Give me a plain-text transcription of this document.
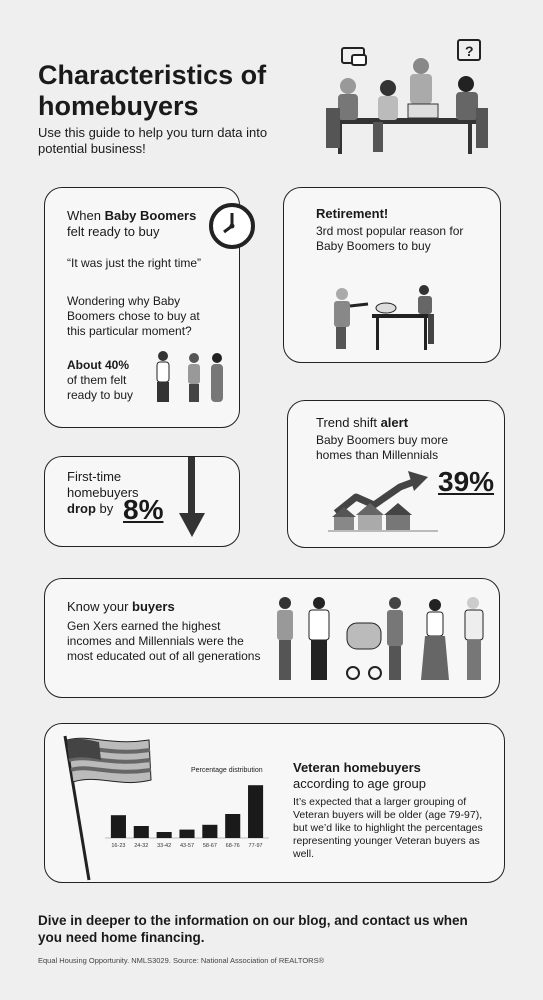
Characteristics of
homebuyers
Use this guide to help you turn data into potential business!
?
When Baby Boomers
felt ready to buy
“It was just the right time”
Wondering why Baby Boomers chose to buy at this particular moment?
About 40%
of them felt ready to buy
Retirement!
3rd most popular reason for Baby Boomers to buy
Trend shift alert
Baby Boomers buy more homes than Millennials
39%
First-time
homebuyers
drop by 8%
Know your buyers
Gen Xers earned the highest incomes and Millennials were the most educated out of all generations
Percentage distribution
16-23 24-32 33-42 43-57 58-67 68-76 77-97
Veteran homebuyers
according to age group
It’s expected that a larger grouping of Veteran buyers will be older (age 79-97), but we’d like to highlight the percentages representing younger Veteran buyers as well.
Dive in deeper to the information on our blog, and contact us when you need home financing.
Equal Housing Opportunity. NMLS3029. Source: National Association of REALTORS®
